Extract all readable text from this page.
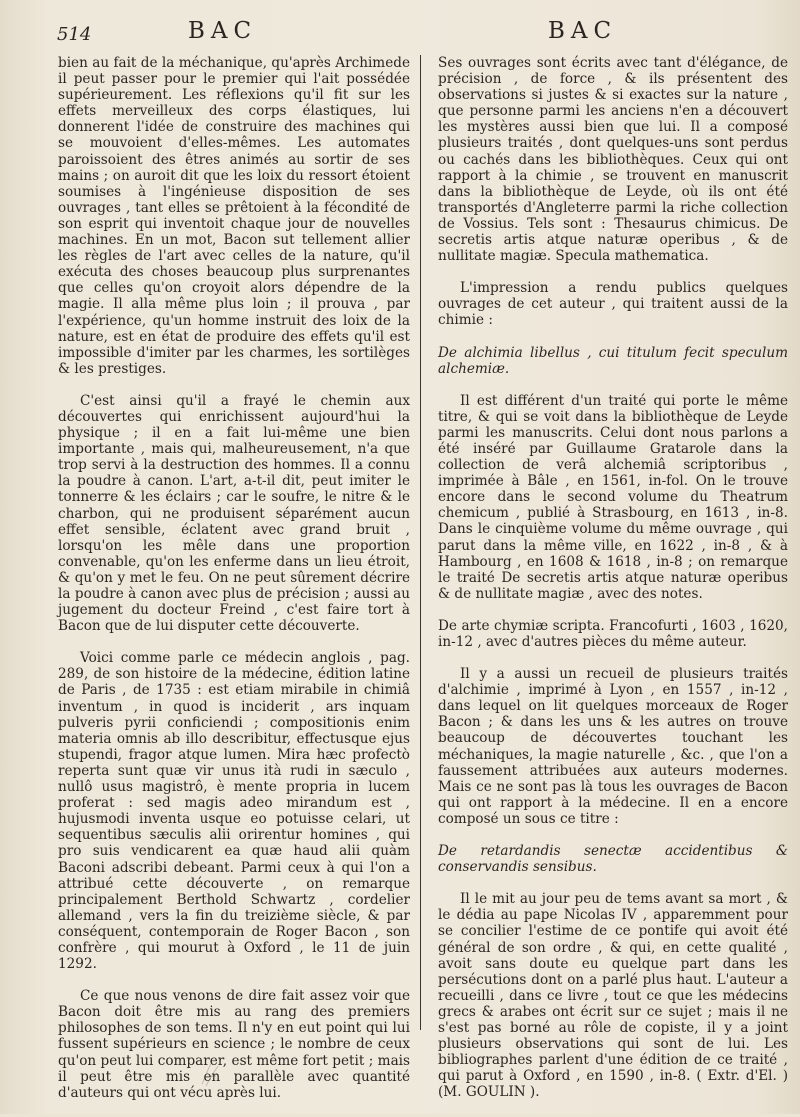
514	BAC	BAC

bien au fait de la méchanique, qu'après Archimede il peut passer pour le premier qui l'ait possédée supérieurement. Les réflexions qu'il fit sur les effets merveilleux des corps élastiques, lui donnerent l'idée de construire des machines qui se mouvoient d'elles-mêmes. Les automates paroissoient des êtres animés au sortir de ses mains ; on auroit dit que les loix du ressort étoient soumises à l'ingénieuse disposition de ses ouvrages , tant elles se prêtoient à la fécondité de son esprit qui inventoit chaque jour de nouvelles machines. En un mot, Bacon sut tellement allier les règles de l'art avec celles de la nature, qu'il exécuta des choses beaucoup plus surprenantes que celles qu'on croyoit alors dépendre de la magie. Il alla même plus loin ; il prouva , par l'expérience, qu'un homme instruit des loix de la nature, est en état de produire des effets qu'il est impossible d'imiter par les charmes, les sortilèges & les prestiges.

C'est ainsi qu'il a frayé le chemin aux découvertes qui enrichissent aujourd'hui la physique ; il en a fait lui-même une bien importante , mais qui, malheureusement, n'a que trop servi à la destruction des hommes. Il a connu la poudre à canon. L'art, a-t-il dit, peut imiter le tonnerre & les éclairs ; car le soufre, le nitre & le charbon, qui ne produisent séparément aucun effet sensible, éclatent avec grand bruit , lorsqu'on les mêle dans une proportion convenable, qu'on les enferme dans un lieu étroit, & qu'on y met le feu. On ne peut sûrement décrire la poudre à canon avec plus de précision ; aussi au jugement du docteur Freind , c'est faire tort à Bacon que de lui disputer cette découverte.

Voici comme parle ce médecin anglois , pag. 289, de son histoire de la médecine, édition latine de Paris , de 1735 : est etiam mirabile in chimiâ inventum , in quod is inciderit , ars inquam pulveris pyrii conficiendi ; compositionis enim materia omnis ab illo describitur, effectusque ejus stupendi, fragor atque lumen. Mira hæc profectò reperta sunt quæ vir unus ità rudi in sæculo , nullô usus magistrô, è mente propria in lucem proferat : sed magis adeo mirandum est , hujusmodi inventa usque eo potuisse celari, ut sequentibus sæculis alii orirentur homines , qui pro suis vendicarent ea quæ haud alii quàm Baconi adscribi debeant. Parmi ceux à qui l'on a attribué cette découverte , on remarque principalement Berthold Schwartz , cordelier allemand , vers la fin du treizième siècle, & par conséquent, contemporain de Roger Bacon , son confrère , qui mourut à Oxford , le 11 de juin 1292.

Ce que nous venons de dire fait assez voir que Bacon doit être mis au rang des premiers philosophes de son tems. Il n'y en eut point qui lui fussent supérieurs en science ; le nombre de ceux qu'on peut lui comparer, est même fort petit ; mais il peut être mis en parallèle avec quantité d'auteurs qui ont vécu après lui.

Ses ouvrages sont écrits avec tant d'élégance, de précision , de force , & ils présentent des observations si justes & si exactes sur la nature , que personne parmi les anciens n'en a découvert les mystères aussi bien que lui. Il a composé plusieurs traités , dont quelques-uns sont perdus ou cachés dans les bibliothèques. Ceux qui ont rapport à la chimie , se trouvent en manuscrit dans la bibliothèque de Leyde, où ils ont été transportés d'Angleterre parmi la riche collection de Vossius. Tels sont : Thesaurus chimicus. De secretis artis atque naturæ operibus , & de nullitate magiæ. Specula mathematica.

L'impression a rendu publics quelques ouvrages de cet auteur , qui traitent aussi de la chimie :

De alchimia libellus , cui titulum fecit speculum alchemiæ.

Il est différent d'un traité qui porte le même titre, & qui se voit dans la bibliothèque de Leyde parmi les manuscrits. Celui dont nous parlons a été inséré par Guillaume Gratarole dans la collection de verâ alchemiâ scriptoribus , imprimée à Bâle , en 1561, in-fol. On le trouve encore dans le second volume du Theatrum chemicum , publié à Strasbourg, en 1613 , in-8. Dans le cinquième volume du même ouvrage , qui parut dans la même ville, en 1622 , in-8 , & à Hambourg , en 1608 & 1618 , in-8 ; on remarque le traité De secretis artis atque naturæ operibus & de nullitate magiæ , avec des notes.

De arte chymiæ scripta. Francofurti , 1603 , 1620, in-12 , avec d'autres pièces du même auteur.

Il y a aussi un recueil de plusieurs traités d'alchimie , imprimé à Lyon , en 1557 , in-12 , dans lequel on lit quelques morceaux de Roger Bacon ; & dans les uns & les autres on trouve beaucoup de découvertes touchant les méchaniques, la magie naturelle , &c. , que l'on a faussement attribuées aux auteurs modernes. Mais ce ne sont pas là tous les ouvrages de Bacon qui ont rapport à la médecine. Il en a encore composé un sous ce titre :

De retardandis senectæ accidentibus & conservandis sensibus.

Il le mit au jour peu de tems avant sa mort , & le dédia au pape Nicolas IV , apparemment pour se concilier l'estime de ce pontife qui avoit été général de son ordre , & qui, en cette qualité , avoit sans doute eu quelque part dans les persécutions dont on a parlé plus haut. L'auteur a recueilli , dans ce livre , tout ce que les médecins grecs & arabes ont écrit sur ce sujet ; mais il ne s'est pas borné au rôle de copiste, il y a joint plusieurs observations qui sont de lui. Les bibliographes parlent d'une édition de ce traité , qui parut à Oxford , en 1590 , in-8. ( Extr. d'El. ) (M. GOULIN ).
